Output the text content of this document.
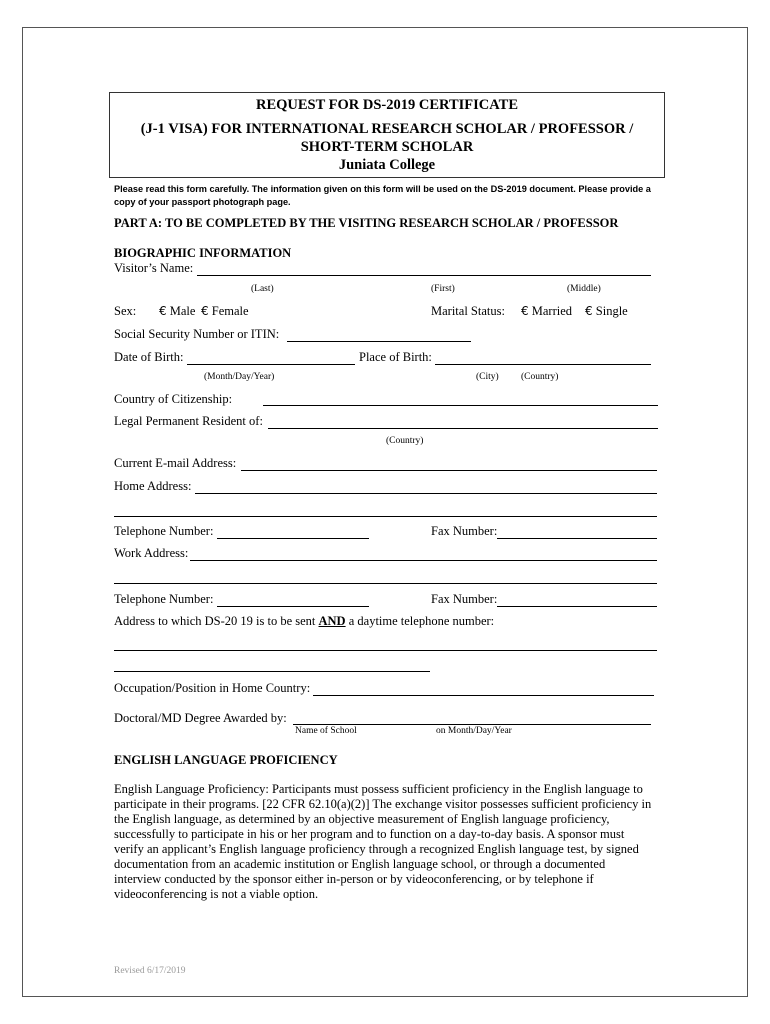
REQUEST FOR DS-2019 CERTIFICATE
(J-1 VISA) FOR INTERNATIONAL RESEARCH SCHOLAR / PROFESSOR /
SHORT-TERM SCHOLAR
Juniata College
Please read this form carefully. The information given on this form will be used on the DS-2019 document. Please provide a copy of your passport photograph page.
PART A: TO BE COMPLETED BY THE VISITING RESEARCH SCHOLAR / PROFESSOR
BIOGRAPHIC INFORMATION
Visitor’s Name:
(Last)	(First)	(Middle)
Sex: € Male € Female	Marital Status: € Married € Single
Social Security Number or ITIN:
Date of Birth:	Place of Birth:
(Month/Day/Year)	(City) (Country)
Country of Citizenship:
Legal Permanent Resident of:
(Country)
Current E-mail Address:
Home Address:
Telephone Number:	Fax Number:
Work Address:
Telephone Number:	Fax Number:
Address to which DS-20 19 is to be sent AND a daytime telephone number:
Occupation/Position in Home Country:
Doctoral/MD Degree Awarded by:
Name of School	on Month/Day/Year
ENGLISH LANGUAGE PROFICIENCY
English Language Proficiency: Participants must possess sufficient proficiency in the English language to participate in their programs. [22 CFR 62.10(a)(2)] The exchange visitor possesses sufficient proficiency in the English language, as determined by an objective measurement of English language proficiency, successfully to participate in his or her program and to function on a day-to-day basis. A sponsor must verify an applicant’s English language proficiency through a recognized English language test, by signed documentation from an academic institution or English language school, or through a documented interview conducted by the sponsor either in-person or by videoconferencing, or by telephone if videoconferencing is not a viable option.
Revised 6/17/2019
